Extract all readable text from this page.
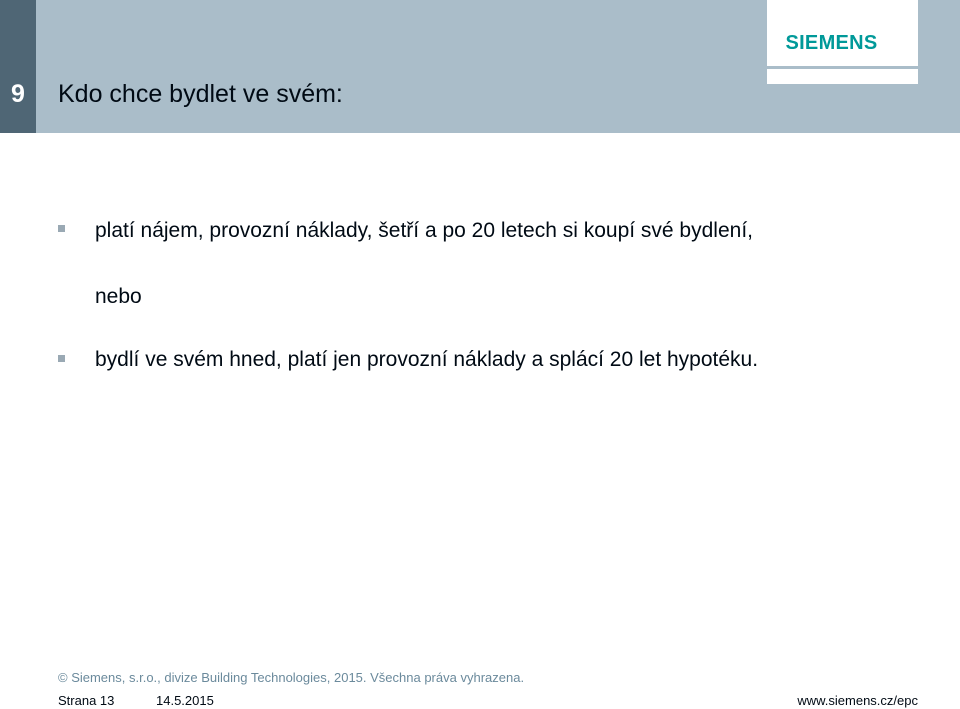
9	Kdo chce bydlet ve svém:
SIEMENS
platí nájem, provozní náklady, šetří a po 20 letech si koupí své bydlení,
nebo
bydlí ve svém hned, platí jen provozní náklady a splácí 20 let hypotéku.
© Siemens, s.r.o., divize Building Technologies, 2015. Všechna práva vyhrazena.
Strana 13	14.5.2015	www.siemens.cz/epc
